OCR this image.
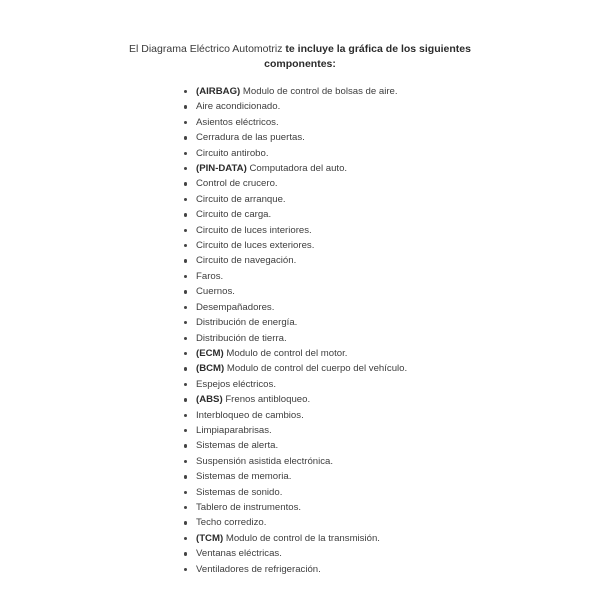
El Diagrama Eléctrico Automotriz te incluye la gráfica de los siguientes componentes:
(AIRBAG) Modulo de control de bolsas de aire.
Aire acondicionado.
Asientos eléctricos.
Cerradura de las puertas.
Circuito antirobo.
(PIN-DATA) Computadora del auto.
Control de crucero.
Circuito de arranque.
Circuito de carga.
Circuito de luces interiores.
Circuito de luces exteriores.
Circuito de navegación.
Faros.
Cuernos.
Desempañadores.
Distribución de energía.
Distribución de tierra.
(ECM) Modulo de control del motor.
(BCM) Modulo de control del cuerpo del vehículo.
Espejos eléctricos.
(ABS) Frenos antibloqueo.
Interbloqueo de cambios.
Limpiaparabrisas.
Sistemas de alerta.
Suspensión asistida electrónica.
Sistemas de memoria.
Sistemas de sonido.
Tablero de instrumentos.
Techo corredizo.
(TCM) Modulo de control de la transmisión.
Ventanas eléctricas.
Ventiladores de refrigeración.
